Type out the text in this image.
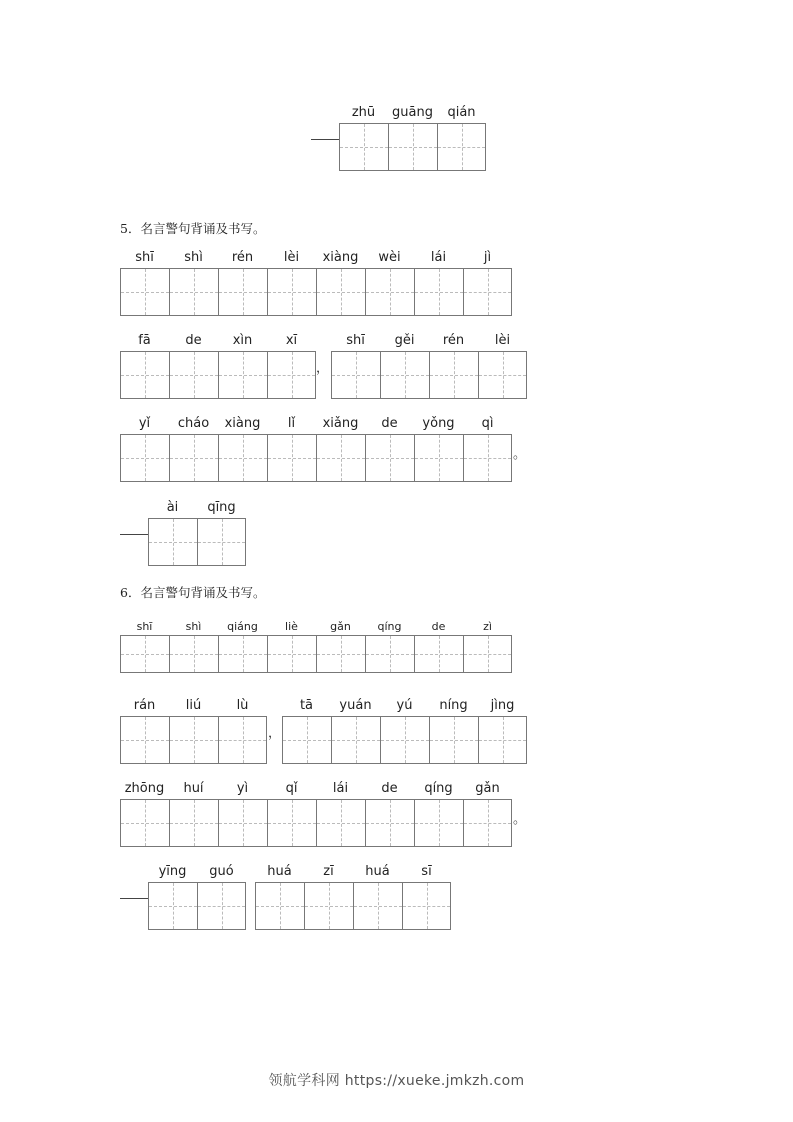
zhū	guāng	qián
5．名言警句背诵及书写。
shī	shì	rén	lèi	xiàng	wèi	lái	jì
fā	de	xìn	xī
，
shī	gěi	rén	lèi
yǐ	cháo	xiàng	lǐ	xiǎng	de	yǒng	qì
。
ài	qīng
6．名言警句背诵及书写。
shī	shì	qiáng	liè	gǎn	qíng	de	zì
rán	liú	lù
，
tā	yuán	yú	níng	jìng
zhōng	huí	yì	qǐ	lái	de	qíng	gǎn
。
yīng	guó	huá	zī	huá	sī
领航学科网 https://xueke.jmkzh.com
